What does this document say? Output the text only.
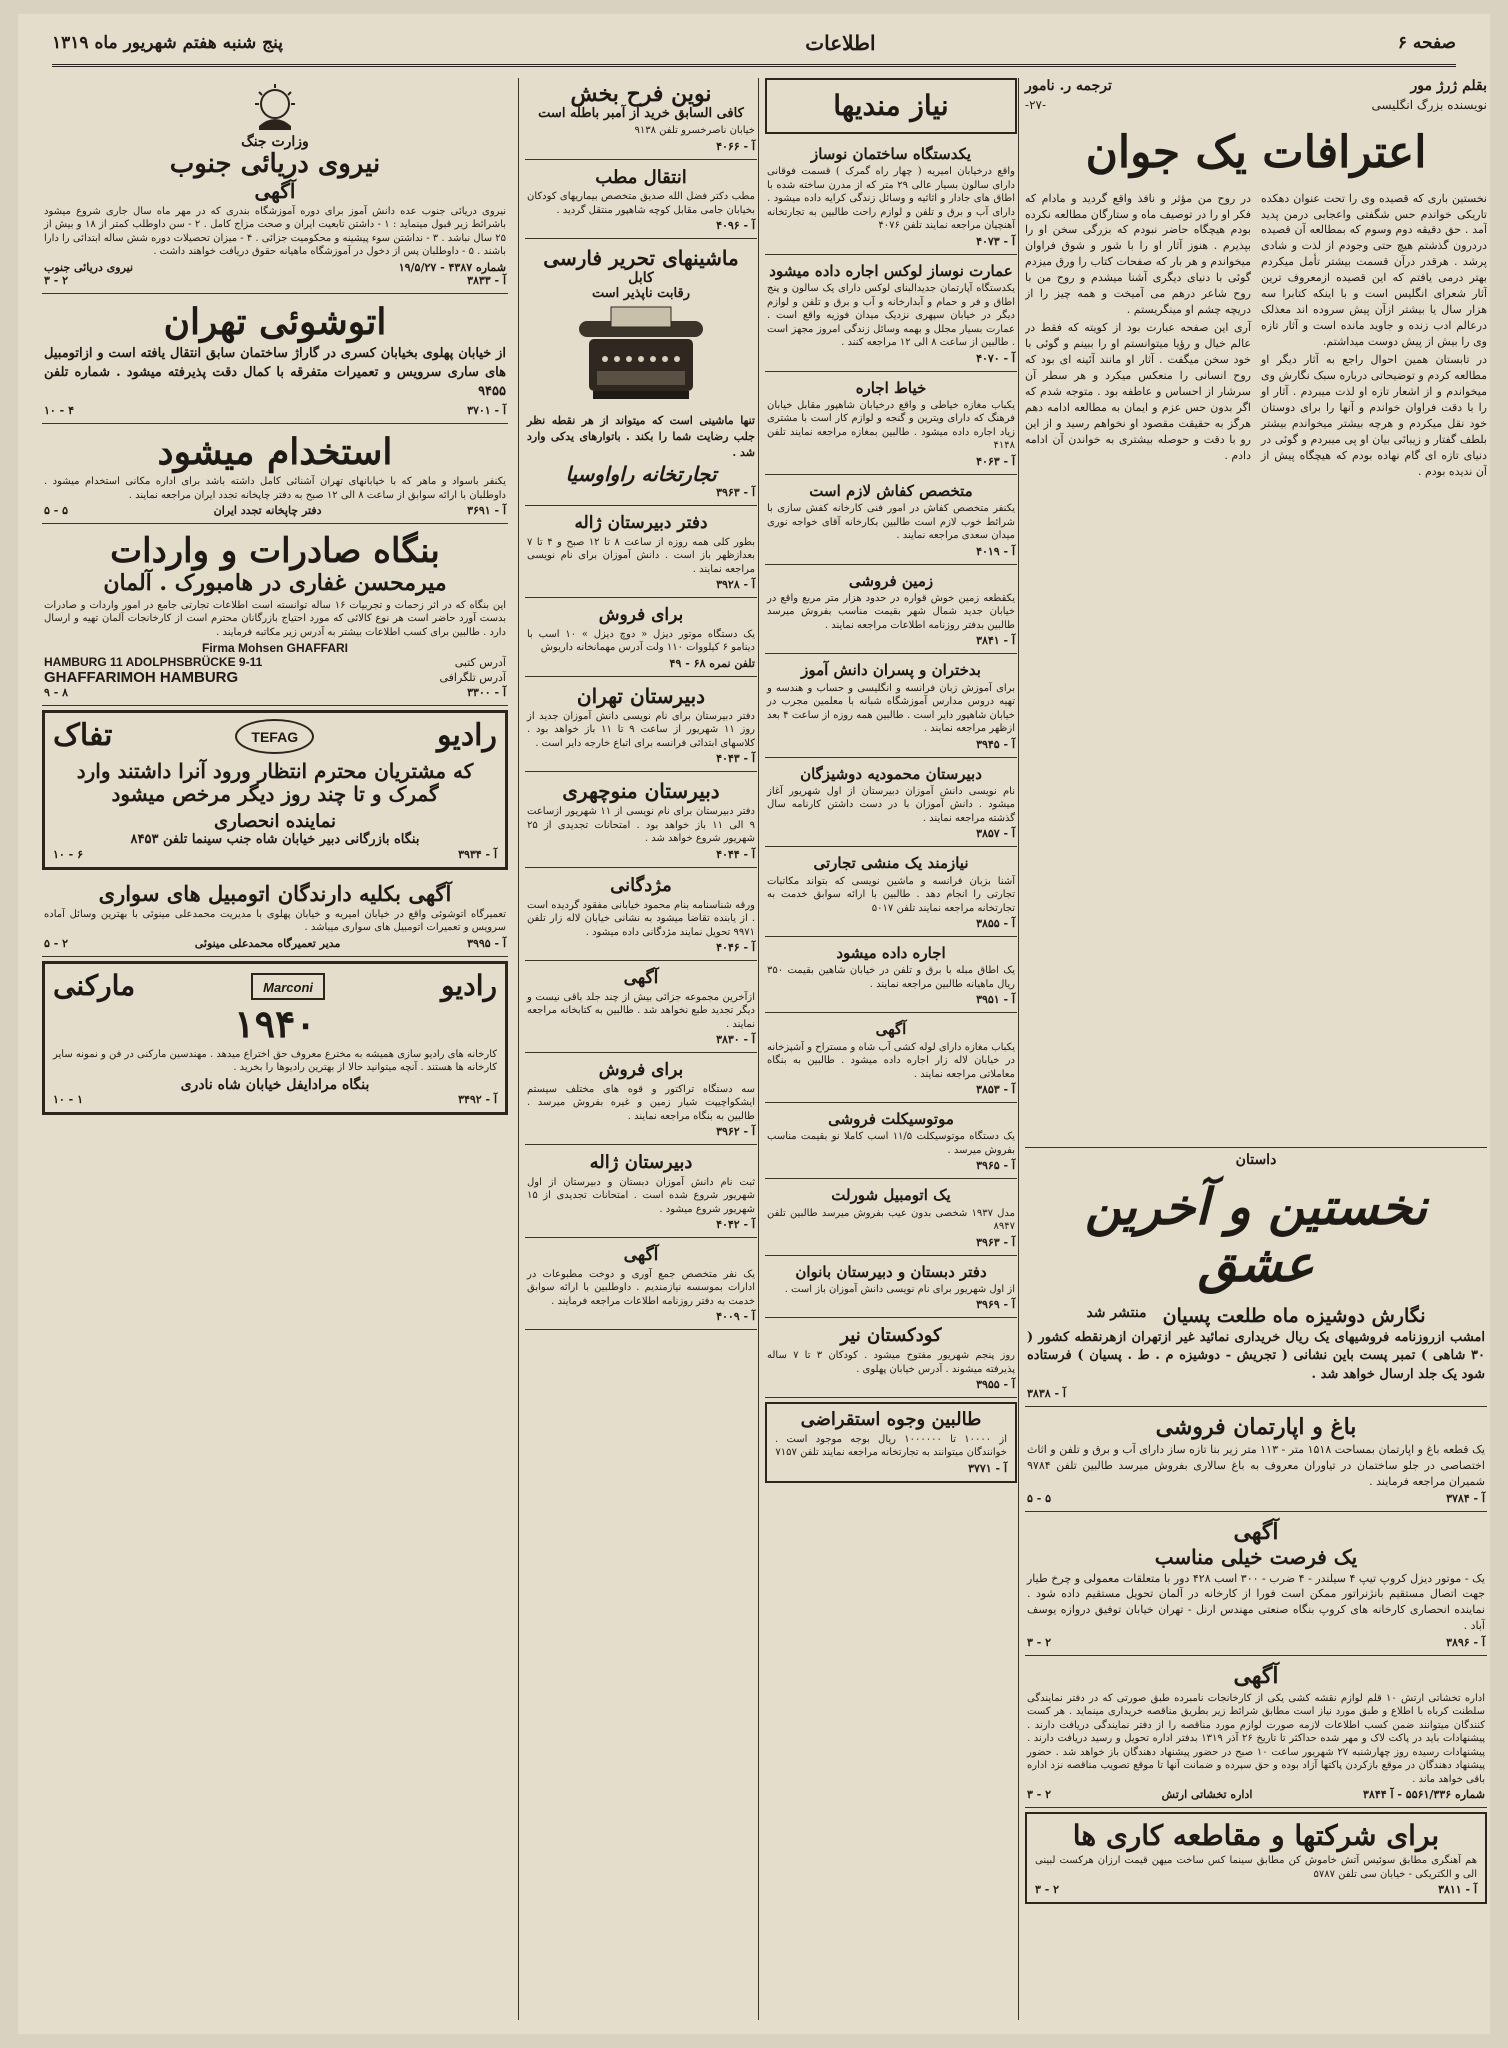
صفحه ۶
اطلاعات
پنج شنبه هفتم شهریور ماه ۱۳۱۹
بقلم ژرژ مور
ترجمه ر. نامور
نویسنده بزرگ انگلیسی
-۲۷-
اعترافات یک جوان

نخستین باری که قصیده وی را تحت عنوان دهکده تاریکی خواندم حس شگفتی واعجابی درمن پدید آمد . حق دقیقه دوم وسوم که بمطالعه آن قصیده دردرون گذشتم هیچ حتی وجودم از لذت و شادی پرشد . هرقدر درآن قسمت بیشتر تأمل میکردم بهتر درمی یافتم که این قصیده ازمعروف ترین آثار شعرای انگلیس است و با اینکه کتابرا سه هزار سال یا بیشتر ازآن پیش سروده اند معذلک درعالم ادب زنده و جاوید مانده است و آثار تازه وی را بیش از پیش دوست میداشتم.

در تابستان همین احوال راجع به آثار دیگر او مطالعه کردم و توضیحاتی درباره سبک نگارش وی میخواندم و از اشعار تازه او لذت میبردم . آثار او را با دقت فراوان خواندم و آنها را برای دوستان خود نقل میکردم و هرچه بیشتر میخواندم بیشتر بلطف گفتار و زیبائی بیان او پی میبردم و گوئی در دنیای تازه ای گام نهاده بودم که هیچگاه پیش از آن ندیده بودم .

در روح من مؤثر و نافذ واقع گردید و مادام که فکر او را در توصیف ماه و ستارگان مطالعه نکرده بودم هیچگاه حاضر نبودم که بزرگی سخن او را بپذیرم . هنوز آثار او را با شور و شوق فراوان میخواندم و هر بار که صفحات کتاب را ورق میزدم گوئی با دنیای دیگری آشنا میشدم و روح من با روح شاعر درهم می آمیخت و همه چیز را از دریچه چشم او مینگریستم .

آری این صفحه عبارت بود از کویته که فقط در عالم خیال و رؤیا میتوانستم او را ببینم و گوئی با خود سخن میگفت . آثار او مانند آئینه ای بود که روح انسانی را منعکس میکرد و هر سطر آن سرشار از احساس و عاطفه بود . متوجه شدم که اگر بدون حس عزم و ایمان به مطالعه ادامه دهم هرگز به حقیقت مقصود او نخواهم رسید و از این رو با دقت و حوصله بیشتری به خواندن آن ادامه دادم .

داستان
نخستین و آخرین عشق
نگارش دوشیزه ماه طلعت پسیان
منتشر شد

امشب ازروزنامه فروشیهای یک ریال خریداری نمائید غیر ازتهران ازهرنقطه کشور ( ۳۰ شاهی ) تمبر پست باین نشانی ( تجریش - دوشیزه م . ط . پسیان ) فرستاده شود یک جلد ارسال خواهد شد .

آ - ۳۸۳۸
باغ و اپارتمان فروشی

یک قطعه باغ و اپارتمان بمساحت ۱۵۱۸ متر - ۱۱۳ متر زیر بنا تازه ساز دارای آب و برق و تلفن و اثاث اختصاصی در جلو ساختمان در تیاوران معروف به باغ سالاری بفروش میرسد طالبین تلفن ۹۷۸۴ شمیران مراجعه فرمایند .

آ - ۳۷۸۴
۵ - ۵
آگهی
یک فرصت خیلی مناسب

یک - موتور دیزل کروپ تیپ ۴ سیلندر - ۴ ضرب - ۳۰۰ اسب ۴۲۸ دور با متعلقات معمولی و چرخ طیار جهت اتصال مستقیم بانژنراتور ممکن است فورا از کارخانه در آلمان تحویل مستقیم داده شود . نماینده انحصاری کارخانه های کروپ بنگاه صنعتی مهندس ارنل - تهران خیابان توفیق دروازه یوسف آباد .

آ - ۳۸۹۶
۲ - ۳
آگهی

اداره تخشاتی ارتش ۱۰ قلم لوازم نقشه کشی یکی از کارخانجات نامبرده طبق صورتی که در دفتر نمایندگی سلطنت کرباه با اطلاع و طبق مورد نیاز است مطابق شرائط زیر بطریق مناقصه خریداری مینماید . هر کست کنندگان میتوانند ضمن کسب اطلاعات لازمه صورت لوازم مورد مناقصه را از دفتر نمایندگی دریافت دارند . پیشنهادات باید در پاکت لاک و مهر شده حداکثر تا تاریخ ۲۶ آذر ۱۳۱۹ بدفتر اداره تحویل و رسید دریافت دارند . پیشنهادات رسیده روز چهارشنبه ۲۷ شهریور ساعت ۱۰ صبح در حضور پیشنهاد دهندگان باز خواهد شد . حضور پیشنهاد دهندگان در موقع بازکردن پاکتها آزاد بوده و حق سپرده و ضمانت آنها تا موقع تصویب مناقصه نزد اداره باقی خواهد ماند .

شماره ۵۵۶۱/۳۳۶ - آ ۳۸۴۴
اداره تخشاتی ارتش
۲ - ۳
برای شرکتها و مقاطعه کاری ها

هم آهنگری مطابق سوئیس آتش خاموش کن مطابق سینما کس ساخت میهن قیمت ارزان هرکست لبینی الی و الکتریکی - خیابان سی تلفن ۵۷۸۷

آ - ۳۸۱۱
۲ - ۳
نیاز مندیها
یکدستگاه ساختمان نوساز

واقع درخیابان امیریه ( چهار راه گمرک ) قسمت فوقانی دارای سالون بسیار عالی ۲۹ متر که از مدرن ساخته شده با اطاق های جادار و اثاثیه و وسائل زندگی کرایه داده میشود . دارای آب و برق و تلفن و لوازم راحت طالبین به تجارتخانه آهنچیان مراجعه نمایند تلفن ۴۰۷۶

آ - ۴۰۷۳
عمارت نوساز لوکس اجاره داده میشود

یکدستگاه آپارتمان جدیدالبنای لوکس دارای یک سالون و پنج اطاق و فر و حمام و آبدارخانه و آب و برق و تلفن و لوازم دیگر در خیابان سپهری نزدیک میدان فوزیه واقع است . عمارت بسیار مجلل و بهمه وسائل زندگی امروز مجهز است . طالبین از ساعت ۸ الی ۱۲ مراجعه کنند .

آ - ۴۰۷۰
خیاط اجاره

یکباب مغازه خیاطی و واقع درخیابان شاهپور مقابل خیابان فرهنگ که دارای ویترین و گنجه و لوازم کار است با مشتری زیاد اجاره داده میشود . طالبین بمغازه مراجعه نمایند تلفن ۴۱۴۸

آ - ۴۰۶۳
متخصص کفاش لازم است

یکنفر متخصص کفاش در امور فنی کارخانه کفش سازی با شرائط خوب لازم است طالبین بکارخانه آقای خواجه نوری میدان سعدی مراجعه نمایند .

آ - ۴۰۱۹
زمین فروشی

یکقطعه زمین خوش قواره در حدود هزار متر مربع واقع در خیابان جدید شمال شهر بقیمت مناسب بفروش میرسد طالبین بدفتر روزنامه اطلاعات مراجعه نمایند .

آ - ۳۸۴۱
بدختران و پسران دانش آموز

برای آموزش زبان فرانسه و انگلیسی و حساب و هندسه و تهیه دروس مدارس آموزشگاه شبانه با معلمین مجرب در خیابان شاهپور دایر است . طالبین همه روزه از ساعت ۴ بعد ازظهر مراجعه نمایند .

آ - ۳۹۴۵
دبیرستان محمودیه دوشیزگان

نام نویسی دانش آموزان دبیرستان از اول شهریور آغاز میشود . دانش آموزان با در دست داشتن کارنامه سال گذشته مراجعه نمایند .

آ - ۳۸۵۷
نیازمند یک منشی تجارتی

آشنا بزبان فرانسه و ماشین نویسی که بتواند مکاتبات تجارتی را انجام دهد . طالبین با ارائه سوابق خدمت به تجارتخانه مراجعه نمایند تلفن ۵۰۱۷

آ - ۳۸۵۵
اجاره داده میشود

یک اطاق مبله با برق و تلفن در خیابان شاهین بقیمت ۳۵۰ ریال ماهیانه طالبین مراجعه نمایند .

آ - ۳۹۵۱
آگهی

یکباب مغازه دارای لوله کشی آب شاه و مستراح و آشپزخانه در خیابان لاله زار اجاره داده میشود . طالبین به بنگاه معاملاتی مراجعه نمایند .

آ - ۳۸۵۳
موتوسیکلت فروشی

یک دستگاه موتوسیکلت ۱۱/۵ اسب کاملا نو بقیمت مناسب بفروش میرسد .

آ - ۳۹۶۵
یک اتومبیل شورلت

مدل ۱۹۳۷ شخصی بدون عیب بفروش میرسد طالبین تلفن ۸۹۴۷

آ - ۳۹۶۳
دفتر دبستان و دبیرستان بانوان

از اول شهریور برای نام نویسی دانش آموزان باز است .

آ - ۳۹۶۹
کودکستان نیر

روز پنجم شهریور مفتوح میشود . کودکان ۳ تا ۷ ساله پذیرفته میشوند . آدرس خیابان پهلوی .

آ - ۳۹۵۵
طالبین وجوه استقراضی

از ۱۰۰۰۰ تا ۱۰۰۰۰۰۰ ریال بوجه موجود است . خوانندگان میتوانند به تجارتخانه مراجعه نمایند تلفن ۷۱۵۷

آ - ۳۷۷۱
نوین فرح بخش
کافی السابق خرید از آمبر باطله است

خیابان ناصرخسرو تلفن ۹۱۳۸

آ - ۴۰۶۶
انتقال مطب

مطب دکتر فضل الله صدیق متخصص بیماریهای کودکان بخیابان جامی مقابل کوچه شاهپور منتقل گردید .

آ - ۴۰۹۶
ماشینهای تحریر فارسی
کابل
رقابت ناپذیر است

تنها ماشینی است که میتواند از هر نقطه نظر جلب رضایت شما را بکند . باتوارهای یدکی وارد شد .

تجارتخانه راواوسیا
آ - ۳۹۶۳
دفتر دبیرستان ژاله

بطور کلی همه روزه از ساعت ۸ تا ۱۲ صبح و ۴ تا ۷ بعدازظهر باز است . دانش آموزان برای نام نویسی مراجعه نمایند .

آ - ۳۹۲۸
برای فروش

یک دستگاه موتور دیزل « دوچ دیزل » ۱۰ اسب با دینامو ۶ کیلووات ۱۱۰ ولت آدرس مهمانخانه داریوش

تلفن نمره ۶۸ - ۴۹
دبیرستان تهران

دفتر دبیرستان برای نام نویسی دانش آموزان جدید از روز ۱۱ شهریور از ساعت ۹ تا ۱۱ باز خواهد بود . کلاسهای ابتدائی فرانسه برای اتباع خارجه دایر است .

آ - ۴۰۴۳
دبیرستان منوچهری

دفتر دبیرستان برای نام نویسی از ۱۱ شهریور ازساعت ۹ الی ۱۱ باز خواهد بود . امتحانات تجدیدی از ۲۵ شهریور شروع خواهد شد .

آ - ۴۰۴۴
مژدگانی

ورقه شناسنامه بنام محمود خیابانی مفقود گردیده است . از یابنده تقاضا میشود به نشانی خیابان لاله زار تلفن ۹۹۷۱ تحویل نمایند مژدگانی داده میشود .

آ - ۴۰۴۶
آگهی

ازآخرین مجموعه جزائی بیش از چند جلد باقی نیست و دیگر تجدید طبع نخواهد شد . طالبین به کتابخانه مراجعه نمایند .

آ - ۳۸۳۰
برای فروش

سه دستگاه تراکتور و قوه های مختلف سیستم ایشکواچیپت شیار زمین و غیره بفروش میرسد . طالبین به بنگاه مراجعه نمایند .

آ - ۳۹۶۲
دبیرستان ژاله

ثبت نام دانش آموزان دبستان و دبیرستان از اول شهریور شروع شده است . امتحانات تجدیدی از ۱۵ شهریور شروع میشود .

آ - ۴۰۴۲
آگهی

یک نفر متخصص جمع آوری و دوخت مطبوعات در ادارات بموسسه نیازمندیم . داوطلبین با ارائه سوابق خدمت به دفتر روزنامه اطلاعات مراجعه فرمایند .

آ - ۴۰۰۹
وزارت جنگ
نیروی دریائی جنوب
آگهی

نیروی دریائی جنوب عده دانش آموز برای دوره آموزشگاه بندری که در مهر ماه سال جاری شروع میشود باشرائط زیر قبول مینماید : ۱ - داشتن تابعیت ایران و صحت مزاج کامل . ۲ - سن داوطلب کمتر از ۱۸ و بیش از ۲۵ سال نباشد . ۳ - نداشتن سوء پیشینه و محکومیت جزائی . ۴ - میزان تحصیلات دوره شش ساله ابتدائی را دارا باشند . ۵ - داوطلبان پس از دخول در آموزشگاه ماهیانه حقوق دریافت خواهند داشت .

شماره ۴۳۸۷ - ۱۹/۵/۲۷
نیروی دریائی جنوب
آ - ۳۸۳۳
۲ - ۳
اتوشوئی تهران

از خیابان پهلوی بخیابان کسری در گاراژ ساختمان سابق انتقال یافته است و ازاتومبیل های ساری سرویس و تعمیرات متفرقه با کمال دقت پذیرفته میشود . شماره تلفن ۹۴۵۵

آ - ۳۷۰۱
۴ - ۱۰
استخدام میشود

یکنفر باسواد و ماهر که با خیابانهای تهران آشنائی کامل داشته باشد برای اداره مکانی استخدام میشود . داوطلبان با ارائه سوابق از ساعت ۸ الی ۱۲ صبح به دفتر چاپخانه تجدد ایران مراجعه نمایند .

آ - ۳۶۹۱
دفتر چاپخانه تجدد ایران
۵ - ۵
بنگاه صادرات و واردات
میرمحسن غفاری در هامبورک . آلمان

این بنگاه که در اثر زحمات و تجربیات ۱۶ ساله توانسته است اطلاعات تجارتی جامع در امور واردات و صادرات بدست آورد حاضر است هر نوع کالائی که مورد احتیاج بازرگانان محترم است از کارخانجات آلمان تهیه و ارسال دارد . طالبین برای کسب اطلاعات بیشتر به آدرس زیر مکاتبه فرمایند .

Firma Mohsen GHAFFARI
آدرس کتبی
HAMBURG 11 ADOLPHSBRÜCKE 9-11
آدرس تلگرافی
GHAFFARIMOH HAMBURG
آ - ۳۳۰۰
۸ - ۹
رادیو
TEFAG
تفاک

که مشتریان محترم انتظار ورود آنرا داشتند وارد گمرک و تا چند روز دیگر مرخص میشود

نماینده انحصاری
بنگاه بازرگانی دبیر خیابان شاه جنب سینما تلفن ۸۴۵۳
آ - ۳۹۳۴
۶ - ۱۰
آگهی بکلیه دارندگان اتومبیل های سواری

تعمیرگاه اتوشوئی واقع در خیابان امیریه و خیابان پهلوی با مدیریت محمدعلی مینوئی با بهترین وسائل آماده سرویس و تعمیرات اتومبیل های سواری میباشد .

آ - ۳۹۹۵
مدیر تعمیرگاه محمدعلی مینوئی
۲ - ۵
رادیو
Marconi
مارکنی
۱۹۴۰

کارخانه های رادیو سازی همیشه به مخترع معروف حق اختراع میدهد . مهندسین مارکنی در فن و نمونه سایر کارخانه ها هستند . آنچه میتوانید حالا از بهترین رادیوها را بخرید .

بنگاه مرادایفل خیابان شاه نادری
آ - ۳۴۹۲
۱ - ۱۰
